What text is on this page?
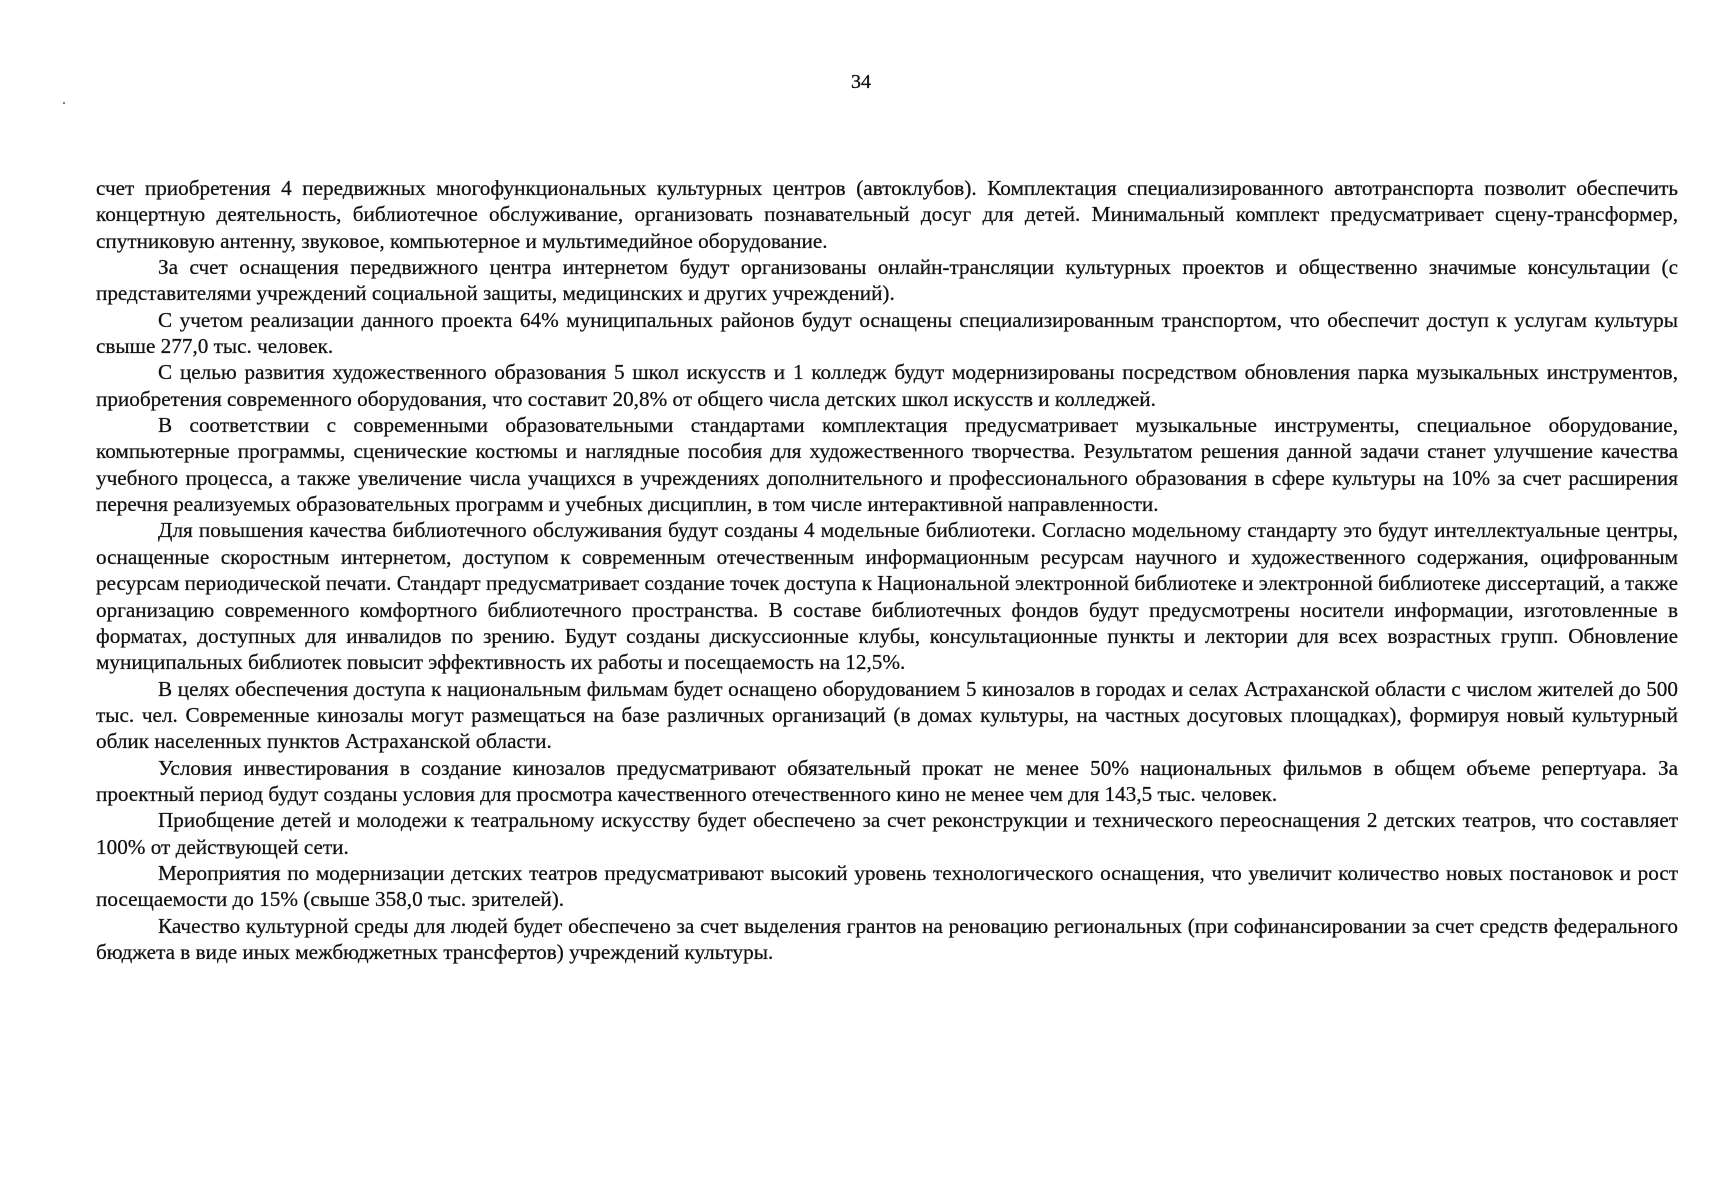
34

счет приобретения 4 передвижных многофункциональных культурных центров (автоклубов). Комплектация специализированного автотранспорта позволит обеспечить концертную деятельность, библиотечное обслуживание, организовать познавательный досуг для детей. Минимальный комплект предусматривает сцену-трансформер, спутниковую антенну, звуковое, компьютерное и мультимедийное оборудование.

За счет оснащения передвижного центра интернетом будут организованы онлайн-трансляции культурных проектов и общественно значимые консультации (с представителями учреждений социальной защиты, медицинских и других учреждений).

С учетом реализации данного проекта 64% муниципальных районов будут оснащены специализированным транспортом, что обеспечит доступ к услугам культуры свыше 277,0 тыс. человек.

С целью развития художественного образования 5 школ искусств и 1 колледж будут модернизированы посредством обновления парка музыкальных инструментов, приобретения современного оборудования, что составит 20,8% от общего числа детских школ искусств и колледжей.

В соответствии с современными образовательными стандартами комплектация предусматривает музыкальные инструменты, специальное оборудование, компьютерные программы, сценические костюмы и наглядные пособия для художественного творчества. Результатом решения данной задачи станет улучшение качества учебного процесса, а также увеличение числа учащихся в учреждениях дополнительного и профессионального образования в сфере культуры на 10% за счет расширения перечня реализуемых образовательных программ и учебных дисциплин, в том числе интерактивной направленности.

Для повышения качества библиотечного обслуживания будут созданы 4 модельные библиотеки. Согласно модельному стандарту это будут интеллектуальные центры, оснащенные скоростным интернетом, доступом к современным отечественным информационным ресурсам научного и художественного содержания, оцифрованным ресурсам периодической печати. Стандарт предусматривает создание точек доступа к Национальной электронной библиотеке и электронной библиотеке диссертаций, а также организацию современного комфортного библиотечного пространства. В составе библиотечных фондов будут предусмотрены носители информации, изготовленные в форматах, доступных для инвалидов по зрению. Будут созданы дискуссионные клубы, консультационные пункты и лектории для всех возрастных групп. Обновление муниципальных библиотек повысит эффективность их работы и посещаемость на 12,5%.

В целях обеспечения доступа к национальным фильмам будет оснащено оборудованием 5 кинозалов в городах и селах Астраханской области с числом жителей до 500 тыс. чел. Современные кинозалы могут размещаться на базе различных организаций (в домах культуры, на частных досуговых площадках), формируя новый культурный облик населенных пунктов Астраханской области.

Условия инвестирования в создание кинозалов предусматривают обязательный прокат не менее 50% национальных фильмов в общем объеме репертуара. За проектный период будут созданы условия для просмотра качественного отечественного кино не менее чем для 143,5 тыс. человек.

Приобщение детей и молодежи к театральному искусству будет обеспечено за счет реконструкции и технического переоснащения 2 детских театров, что составляет 100% от действующей сети.

Мероприятия по модернизации детских театров предусматривают высокий уровень технологического оснащения, что увеличит количество новых постановок и рост посещаемости до 15% (свыше 358,0 тыс. зрителей).

Качество культурной среды для людей будет обеспечено за счет выделения грантов на реновацию региональных (при софинансировании за счет средств федерального бюджета в виде иных межбюджетных трансфертов) учреждений культуры.
